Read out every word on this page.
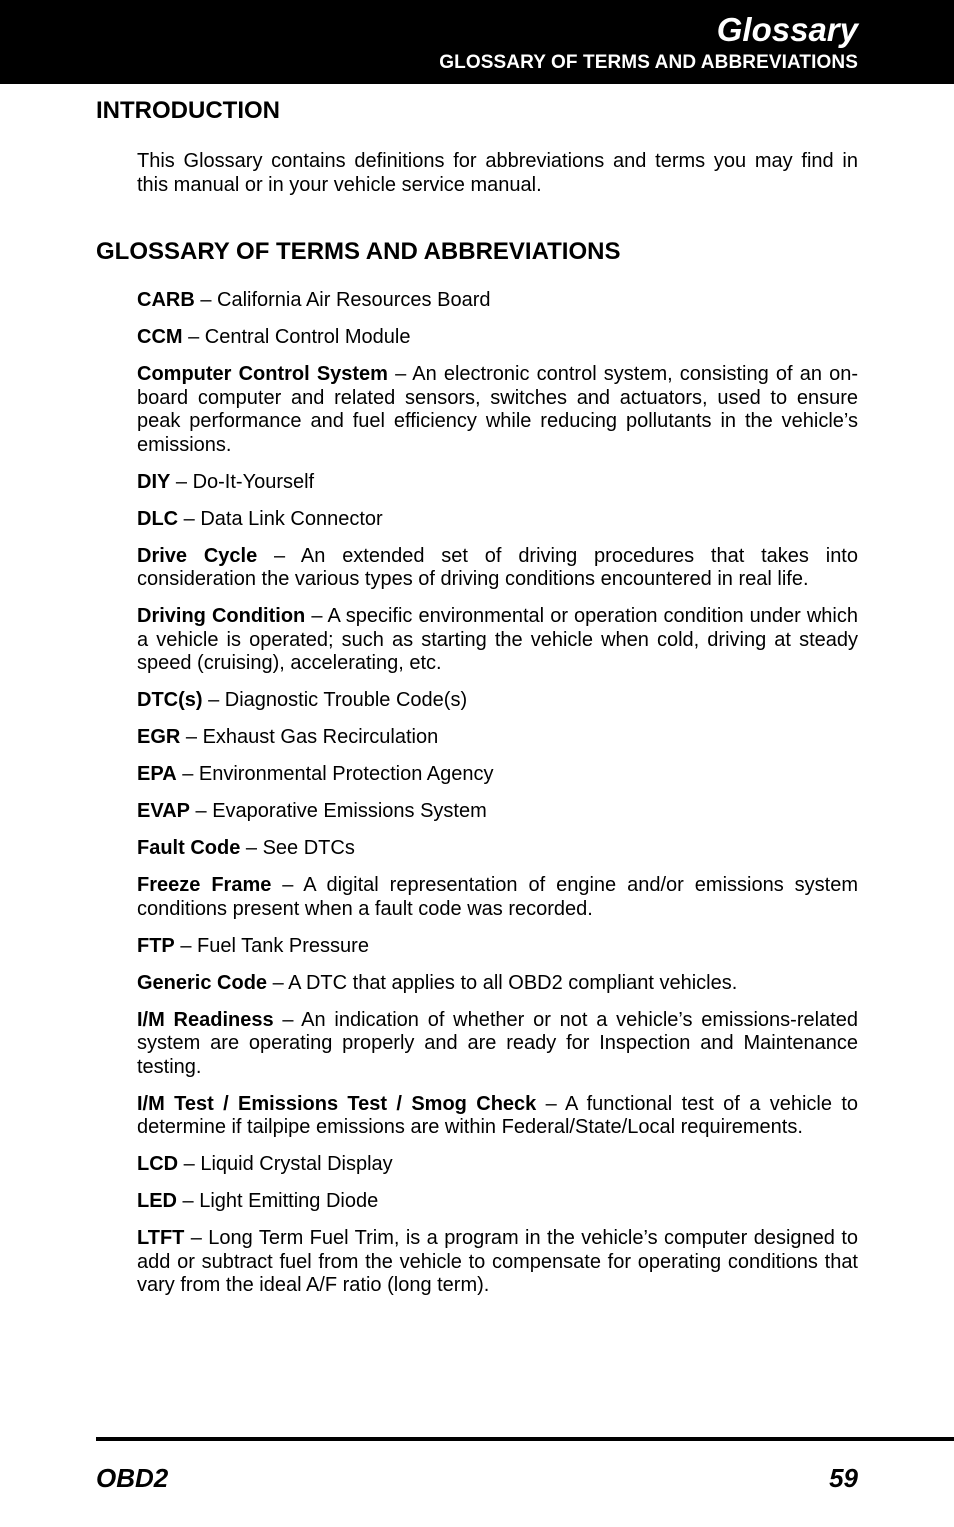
Glossary
GLOSSARY OF TERMS AND ABBREVIATIONS
INTRODUCTION
This Glossary contains definitions for abbreviations and terms you may find in this manual or in your vehicle service manual.
GLOSSARY OF TERMS AND ABBREVIATIONS
CARB – California Air Resources Board
CCM – Central Control Module
Computer Control System – An electronic control system, consisting of an on-board computer and related sensors, switches and actuators, used to ensure peak performance and fuel efficiency while reducing pollutants in the vehicle’s emissions.
DIY – Do-It-Yourself
DLC – Data Link Connector
Drive Cycle – An extended set of driving procedures that takes into consideration the various types of driving conditions encountered in real life.
Driving Condition – A specific environmental or operation condition under which a vehicle is operated; such as starting the vehicle when cold, driving at steady speed (cruising), accelerating, etc.
DTC(s) – Diagnostic Trouble Code(s)
EGR – Exhaust Gas Recirculation
EPA – Environmental Protection Agency
EVAP – Evaporative Emissions System
Fault Code – See DTCs
Freeze Frame – A digital representation of engine and/or emissions system conditions present when a fault code was recorded.
FTP – Fuel Tank Pressure
Generic Code – A DTC that applies to all OBD2 compliant vehicles.
I/M Readiness – An indication of whether or not a vehicle’s emissions-related system are operating properly and are ready for Inspection and Maintenance testing.
I/M Test / Emissions Test / Smog Check – A functional test of a vehicle to determine if tailpipe emissions are within Federal/State/Local requirements.
LCD – Liquid Crystal Display
LED – Light Emitting Diode
LTFT – Long Term Fuel Trim, is a program in the vehicle’s computer designed to add or subtract fuel from the vehicle to compensate for operating conditions that vary from the ideal A/F ratio (long term).
OBD2	59
